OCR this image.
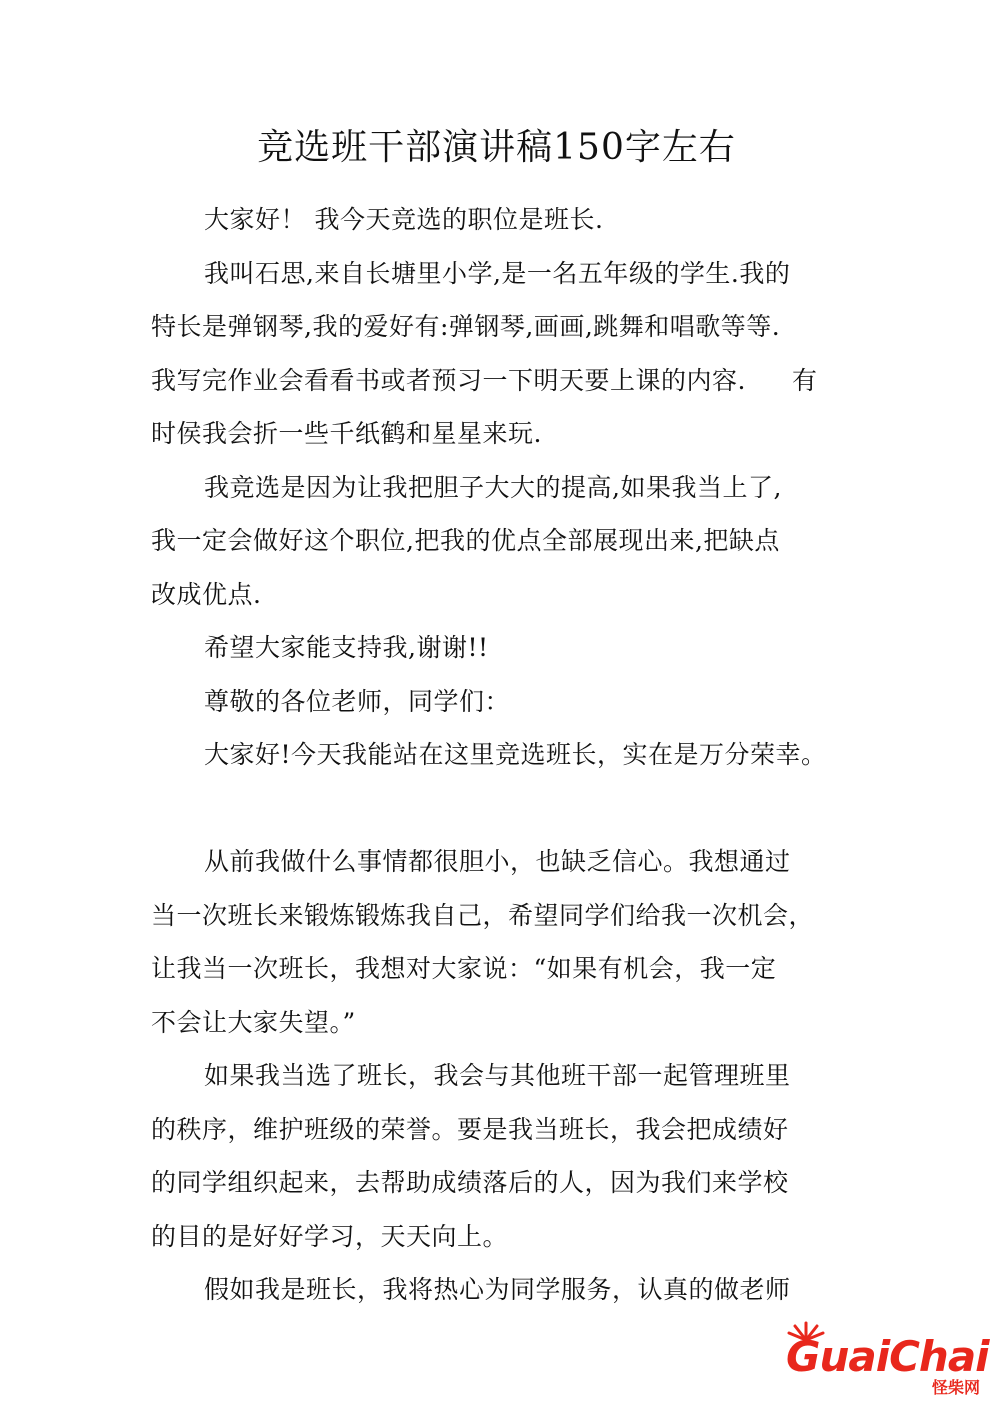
竞选班干部演讲稿150字左右
大家好！ 我今天竞选的职位是班长.
我叫石思,来自长塘里小学,是一名五年级的学生.我的
特长是弹钢琴,我的爱好有:弹钢琴,画画,跳舞和唱歌等等.
我写完作业会看看书或者预习一下明天要上课的内容. 有
时侯我会折一些千纸鹤和星星来玩.
我竞选是因为让我把胆子大大的提高,如果我当上了,
我一定会做好这个职位,把我的优点全部展现出来,把缺点
改成优点.
希望大家能支持我,谢谢!!
尊敬的各位老师，同学们：
大家好!今天我能站在这里竞选班长，实在是万分荣幸。
从前我做什么事情都很胆小，也缺乏信心。我想通过
当一次班长来锻炼锻炼我自己，希望同学们给我一次机会，
让我当一次班长，我想对大家说：“如果有机会，我一定
不会让大家失望。”
如果我当选了班长，我会与其他班干部一起管理班里
的秩序，维护班级的荣誉。要是我当班长，我会把成绩好
的同学组织起来，去帮助成绩落后的人，因为我们来学校
的目的是好好学习，天天向上。
假如我是班长，我将热心为同学服务，认真的做老师
GuaiChai
怪柴网
